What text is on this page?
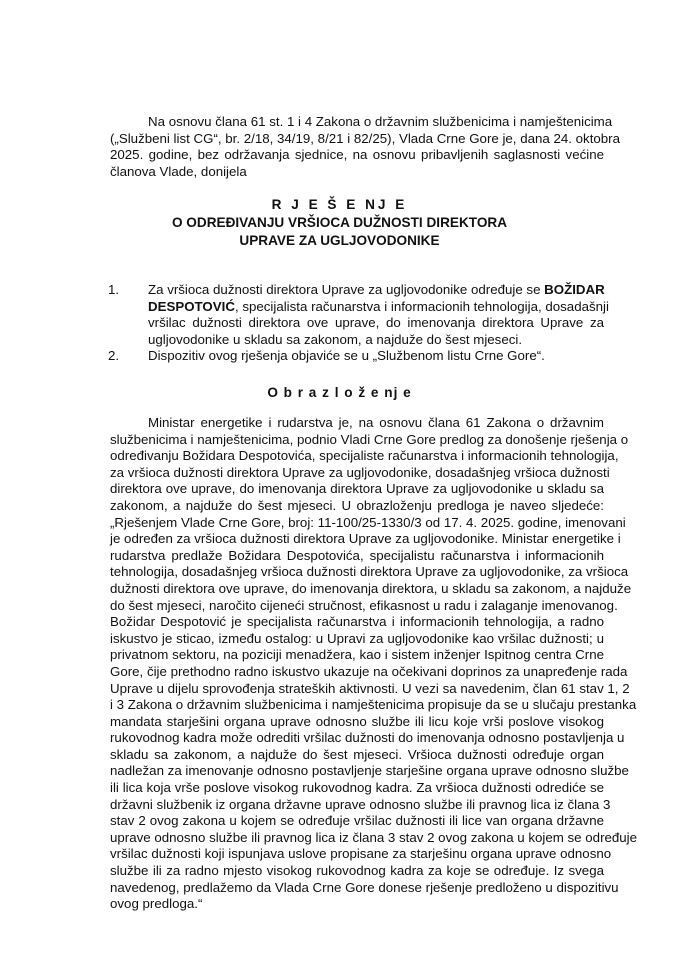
Na osnovu člana 61 st. 1 i 4 Zakona o državnim službenicima i namještenicima
(„Službeni list CG“, br. 2/18, 34/19, 8/21 i 82/25), Vlada Crne Gore je, dana 24. oktobra
2025. godine, bez održavanja sjednice, na osnovu pribavljenih saglasnosti većine
članova Vlade, donijela
R J E Š E NJ E
O ODREĐIVANJU VRŠIOCA DUŽNOSTI DIREKTORA
UPRAVE ZA UGLJOVODONIKE
1. Za vršioca dužnosti direktora Uprave za ugljovodonike određuje se BOŽIDAR
DESPOTOVIĆ, specijalista računarstva i informacionih tehnologija, dosadašnji
vršilac dužnosti direktora ove uprave, do imenovanja direktora Uprave za
ugljovodonike u skladu sa zakonom, a najduže do šest mjeseci.
2. Dispozitiv ovog rješenja objaviće se u „Službenom listu Crne Gore“.
O b r a z l o ž e nj e
Ministar energetike i rudarstva je, na osnovu člana 61 Zakona o državnim
službenicima i namještenicima, podnio Vladi Crne Gore predlog za donošenje rješenja o
određivanju Božidara Despotovića, specijaliste računarstva i informacionih tehnologija,
za vršioca dužnosti direktora Uprave za ugljovodonike, dosadašnjeg vršioca dužnosti
direktora ove uprave, do imenovanja direktora Uprave za ugljovodonike u skladu sa
zakonom, a najduže do šest mjeseci. U obrazloženju predloga je naveo sljedeće:
„Rješenjem Vlade Crne Gore, broj: 11-100/25-1330/3 od 17. 4. 2025. godine, imenovani
je određen za vršioca dužnosti direktora Uprave za ugljovodonike. Ministar energetike i
rudarstva predlaže Božidara Despotovića, specijalistu računarstva i informacionih
tehnologija, dosadašnjeg vršioca dužnosti direktora Uprave za ugljovodonike, za vršioca
dužnosti direktora ove uprave, do imenovanja direktora, u skladu sa zakonom, a najduže
do šest mjeseci, naročito cijeneći stručnost, efikasnost u radu i zalaganje imenovanog.
Božidar Despotović je specijalista računarstva i informacionih tehnologija, a radno
iskustvo je sticao, između ostalog: u Upravi za ugljovodonike kao vršilac dužnosti; u
privatnom sektoru, na poziciji menadžera, kao i sistem inženjer Ispitnog centra Crne
Gore, čije prethodno radno iskustvo ukazuje na očekivani doprinos za unapređenje rada
Uprave u dijelu sprovođenja strateških aktivnosti. U vezi sa navedenim, član 61 stav 1, 2
i 3 Zakona o državnim službenicima i namještenicima propisuje da se u slučaju prestanka
mandata starješini organa uprave odnosno službe ili licu koje vrši poslove visokog
rukovodnog kadra može odrediti vršilac dužnosti do imenovanja odnosno postavljenja u
skladu sa zakonom, a najduže do šest mjeseci. Vršioca dužnosti određuje organ
nadležan za imenovanje odnosno postavljenje starješine organa uprave odnosno službe
ili lica koja vrše poslove visokog rukovodnog kadra. Za vršioca dužnosti odrediće se
državni službenik iz organa državne uprave odnosno službe ili pravnog lica iz člana 3
stav 2 ovog zakona u kojem se određuje vršilac dužnosti ili lice van organa državne
uprave odnosno službe ili pravnog lica iz člana 3 stav 2 ovog zakona u kojem se određuje
vršilac dužnosti koji ispunjava uslove propisane za starješinu organa uprave odnosno
službe ili za radno mjesto visokog rukovodnog kadra za koje se određuje. Iz svega
navedenog, predlažemo da Vlada Crne Gore donese rješenje predloženo u dispozitivu
ovog predloga.“
